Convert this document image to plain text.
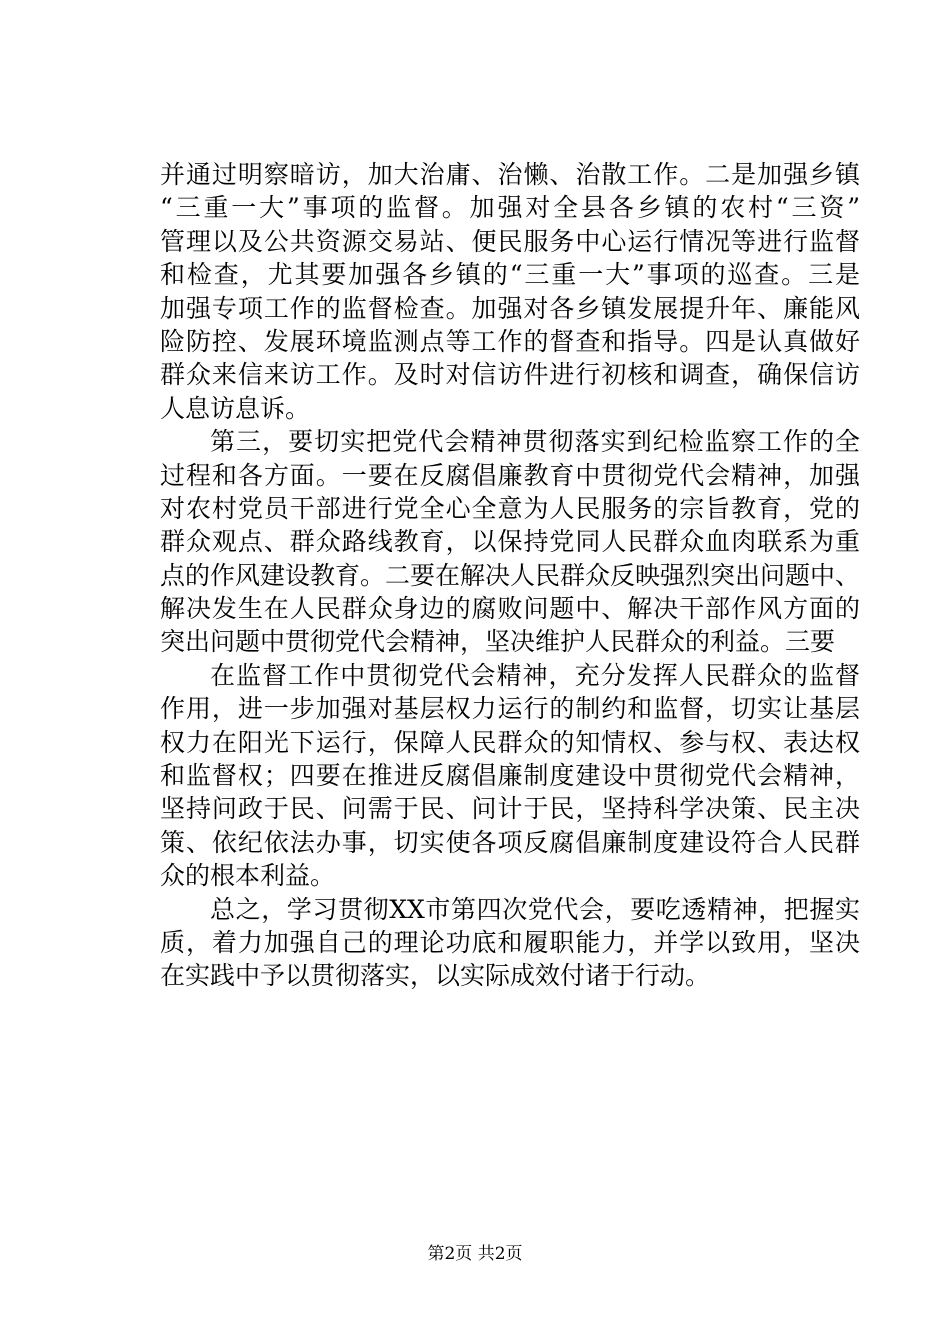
并通过明察暗访，加大治庸、治懒、治散工作。二是加强乡镇
“三重一大”事项的监督。加强对全县各乡镇的农村“三资”
管理以及公共资源交易站、便民服务中心运行情况等进行监督
和检查，尤其要加强各乡镇的“三重一大”事项的巡查。三是
加强专项工作的监督检查。加强对各乡镇发展提升年、廉能风
险防控、发展环境监测点等工作的督查和指导。四是认真做好
群众来信来访工作。及时对信访件进行初核和调查，确保信访
人息访息诉。
第三，要切实把党代会精神贯彻落实到纪检监察工作的全
过程和各方面。一要在反腐倡廉教育中贯彻党代会精神，加强
对农村党员干部进行党全心全意为人民服务的宗旨教育，党的
群众观点、群众路线教育，以保持党同人民群众血肉联系为重
点的作风建设教育。二要在解决人民群众反映强烈突出问题中、
解决发生在人民群众身边的腐败问题中、解决干部作风方面的
突出问题中贯彻党代会精神，坚决维护人民群众的利益。三要
在监督工作中贯彻党代会精神，充分发挥人民群众的监督
作用，进一步加强对基层权力运行的制约和监督，切实让基层
权力在阳光下运行，保障人民群众的知情权、参与权、表达权
和监督权；四要在推进反腐倡廉制度建设中贯彻党代会精神，
坚持问政于民、问需于民、问计于民，坚持科学决策、民主决
策、依纪依法办事，切实使各项反腐倡廉制度建设符合人民群
众的根本利益。
总之，学习贯彻XX市第四次党代会，要吃透精神，把握实
质，着力加强自己的理论功底和履职能力，并学以致用，坚决
在实践中予以贯彻落实，以实际成效付诸于行动。
第2页 共2页
